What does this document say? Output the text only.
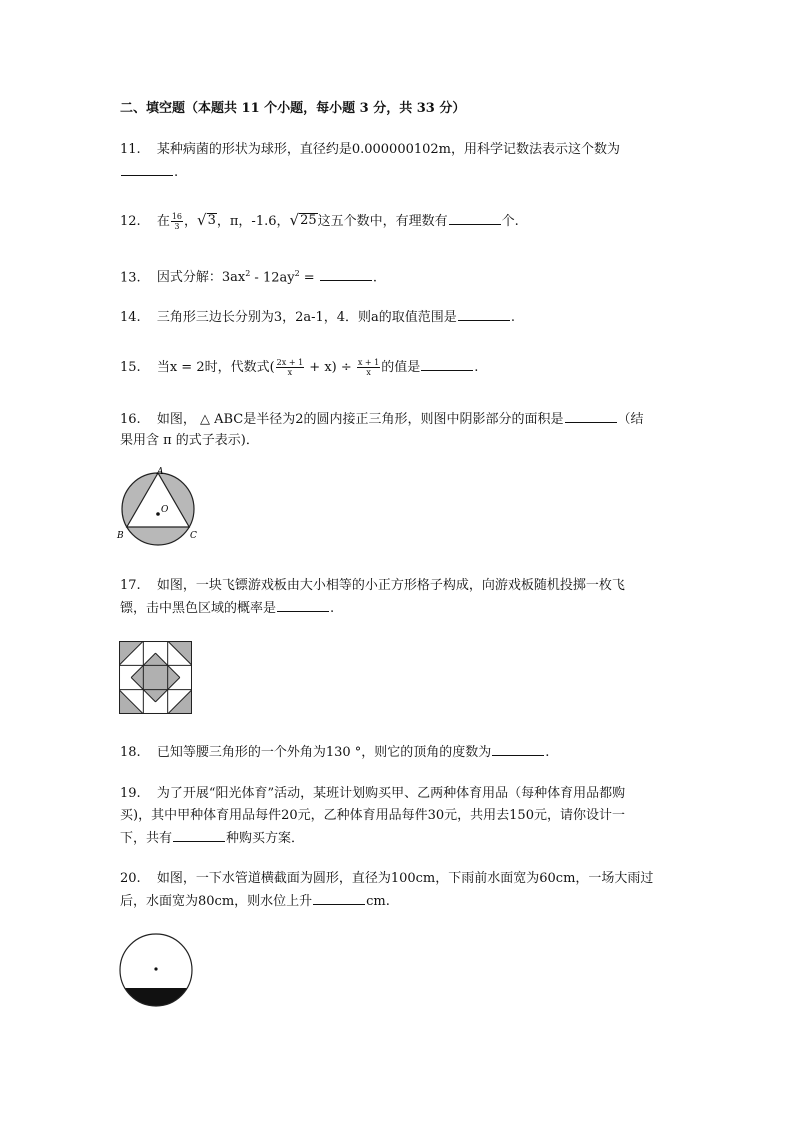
二、填空题（本题共 11 个小题，每小题 3 分，共 33 分）
11. 某种病菌的形状为球形，直径约是0.000000102m，用科学记数法表示这个数为
.
12. 在 $\frac{16}{3}$ ， √ 3 ，π，-1.6， √ 25 这五个数中，有理数有	个.
13. 因式分解：$3ax^2 - 12ay^2$ =	.
14. 三角形三边长分别为3，2a-1，4．则a的取值范围是	.
15. 当x = 2时，代数式( $\frac{2x + 1}{x} + x) \div \frac{x + 1}{x}$ 的值是	.
16. 如图， △ ABC是半径为2的圆内接正三角形，则图中阴影部分的面积是	（结
果用含 π 的式子表示)．
A
B	C
O
17. 如图，一块飞镖游戏板由大小相等的小正方形格子构成，向游戏板随机投掷一枚飞
镖，击中黑色区域的概率是	.
18. 已知等腰三角形的一个外角为130 °，则它的顶角的度数为	.
19. 为了开展“阳光体育”活动，某班计划购买甲、乙两种体育用品（每种体育用品都购
买)，其中甲种体育用品每件20元，乙种体育用品每件30元，共用去150元，请你设计一
下，共有	种购买方案．
20. 如图，一下水管道横截面为圆形，直径为100cm，下雨前水面宽为60cm，一场大雨过
后，水面宽为80cm，则水位上升	cm.
